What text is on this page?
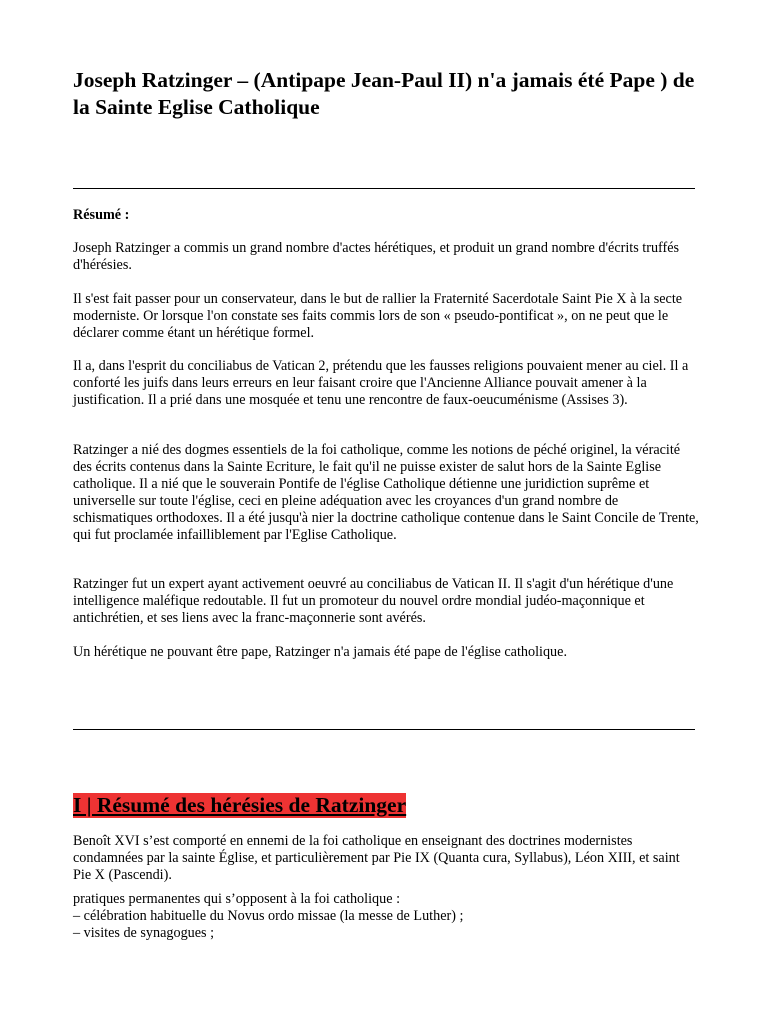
Joseph Ratzinger – (Antipape Jean-Paul II) n'a jamais été Pape ) de la Sainte Eglise Catholique
Résumé :

Joseph Ratzinger a commis un grand nombre d'actes hérétiques, et produit un grand nombre d'écrits truffés d'hérésies.

Il s'est fait passer pour un conservateur, dans le but de rallier la Fraternité Sacerdotale Saint Pie X à la secte moderniste. Or lorsque l'on constate ses faits commis lors de son « pseudo-pontificat », on ne peut que le déclarer comme étant un hérétique formel.

Il a, dans l'esprit du conciliabus de Vatican 2, prétendu que les fausses religions pouvaient mener au ciel. Il a conforté les juifs dans leurs erreurs en leur faisant croire que l'Ancienne Alliance pouvait amener à la justification. Il a prié dans une mosquée et tenu une rencontre de faux-oeucuménisme (Assises 3).

Ratzinger a nié des dogmes essentiels de la foi catholique, comme les notions de péché originel, la véracité des écrits contenus dans la Sainte Ecriture, le fait qu'il ne puisse exister de salut hors de la Sainte Eglise catholique. Il a nié que le souverain Pontife de l'église Catholique détienne une juridiction suprême et universelle sur toute l'église, ceci en pleine adéquation avec les croyances d'un grand nombre de schismatiques orthodoxes. Il a été jusqu'à nier la doctrine catholique contenue dans le Saint Concile de Trente, qui fut proclamée infailliblement par l'Eglise Catholique.

Ratzinger fut un expert ayant activement oeuvré au conciliabus de Vatican II. Il s'agit d'un hérétique d'une intelligence maléfique redoutable. Il fut un promoteur du nouvel ordre mondial judéo-maçonnique et antichrétien, et ses liens avec la franc-maçonnerie sont avérés.

Un hérétique ne pouvant être pape, Ratzinger n'a jamais été pape de l'église catholique.

I | Résumé des hérésies de Ratzinger

Benoît XVI s’est comporté en ennemi de la foi catholique en enseignant des doctrines modernistes condamnées par la sainte Église, et particulièrement par Pie IX (Quanta cura, Syllabus), Léon XIII, et saint Pie X (Pascendi).

pratiques permanentes qui s’opposent à la foi catholique :
– célébration habituelle du Novus ordo missae (la messe de Luther) ;
– visites de synagogues ;
